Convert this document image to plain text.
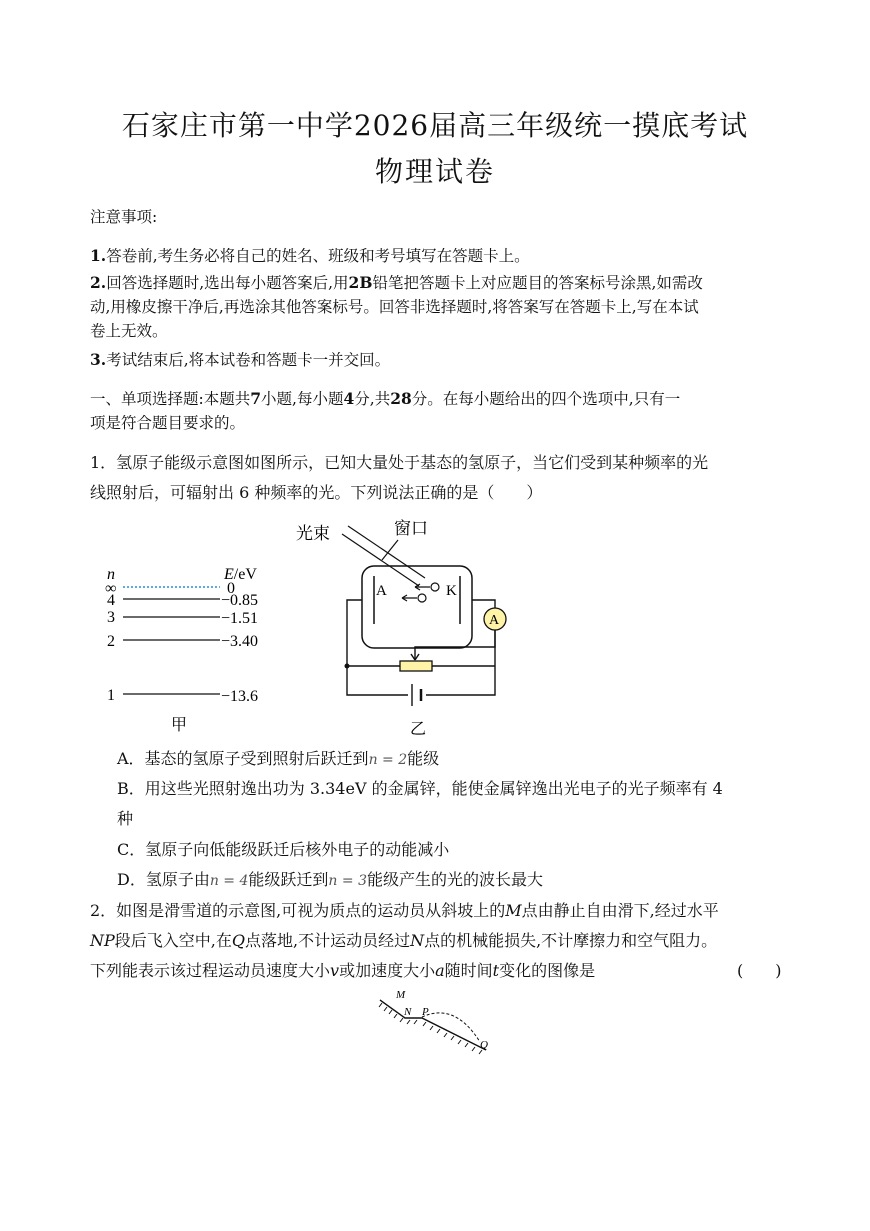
石家庄市第一中学2026届高三年级统一摸底考试
物理试卷
注意事项:
1.答卷前,考生务必将自己的姓名、班级和考号填写在答题卡上。
2.回答选择题时,选出每小题答案后,用2B铅笔把答题卡上对应题目的答案标号涂黑,如需改
动,用橡皮擦干净后,再选涂其他答案标号。回答非选择题时,将答案写在答题卡上,写在本试
卷上无效。
3.考试结束后,将本试卷和答题卡一并交回。
一、单项选择题:本题共7小题,每小题4分,共28分。在每小题给出的四个选项中,只有一
项是符合题目要求的。
1．氢原子能级示意图如图所示，已知大量处于基态的氢原子，当它们受到某种频率的光
线照射后，可辐射出 6 种频率的光。下列说法正确的是（　　）
n	E/eV
∞	0
4	−0.85
3	−1.51
2	−3.40
1	−13.6
甲
光束	窗口
A	K
A
乙
A．基态的氢原子受到照射后跃迁到n = 2能级
B．用这些光照射逸出功为 3.34eV 的金属锌，能使金属锌逸出光电子的光子频率有 4
种
C．氢原子向低能级跃迁后核外电子的动能减小
D．氢原子由n = 4能级跃迁到n = 3能级产生的光的波长最大
2．如图是滑雪道的示意图,可视为质点的运动员从斜坡上的M点由静止自由滑下,经过水平
NP段后飞入空中,在Q点落地,不计运动员经过N点的机械能损失,不计摩擦力和空气阻力。
下列能表示该过程运动员速度大小v或加速度大小a随时间t变化的图像是	(　　)
M
N P
Q
